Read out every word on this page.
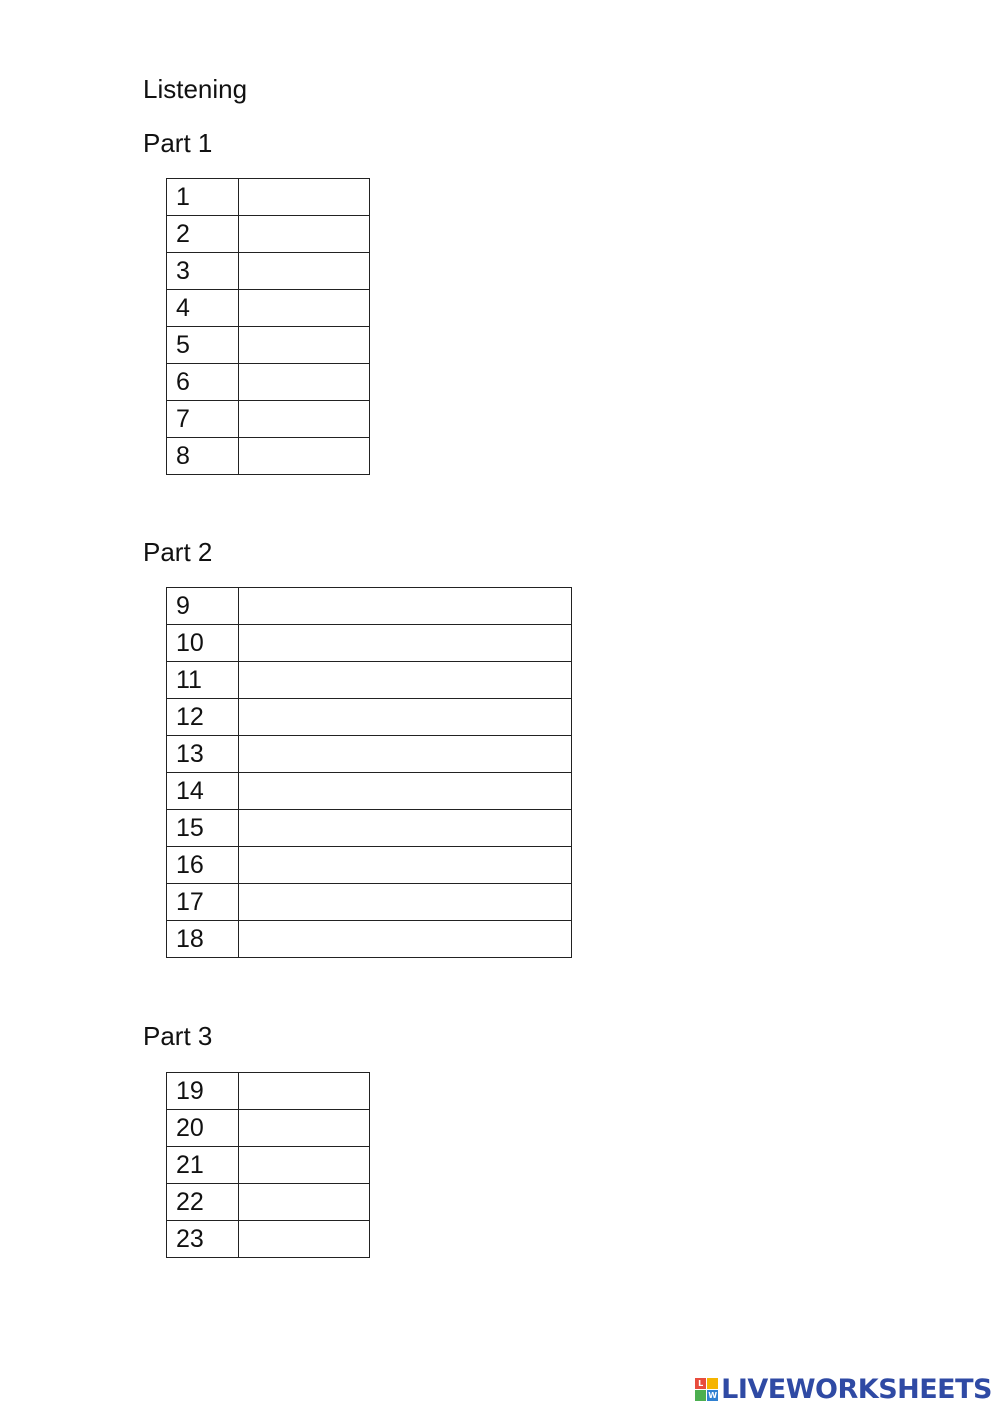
Listening

Part 1

1	
2	
3	
4	
5	
6	
7	
8	

Part 2

9	
10	
11	
12	
13	
14	
15	
16	
17	
18	

Part 3

19	
20	
21	
22	
23	
L
W LIVEWORKSHEETS
